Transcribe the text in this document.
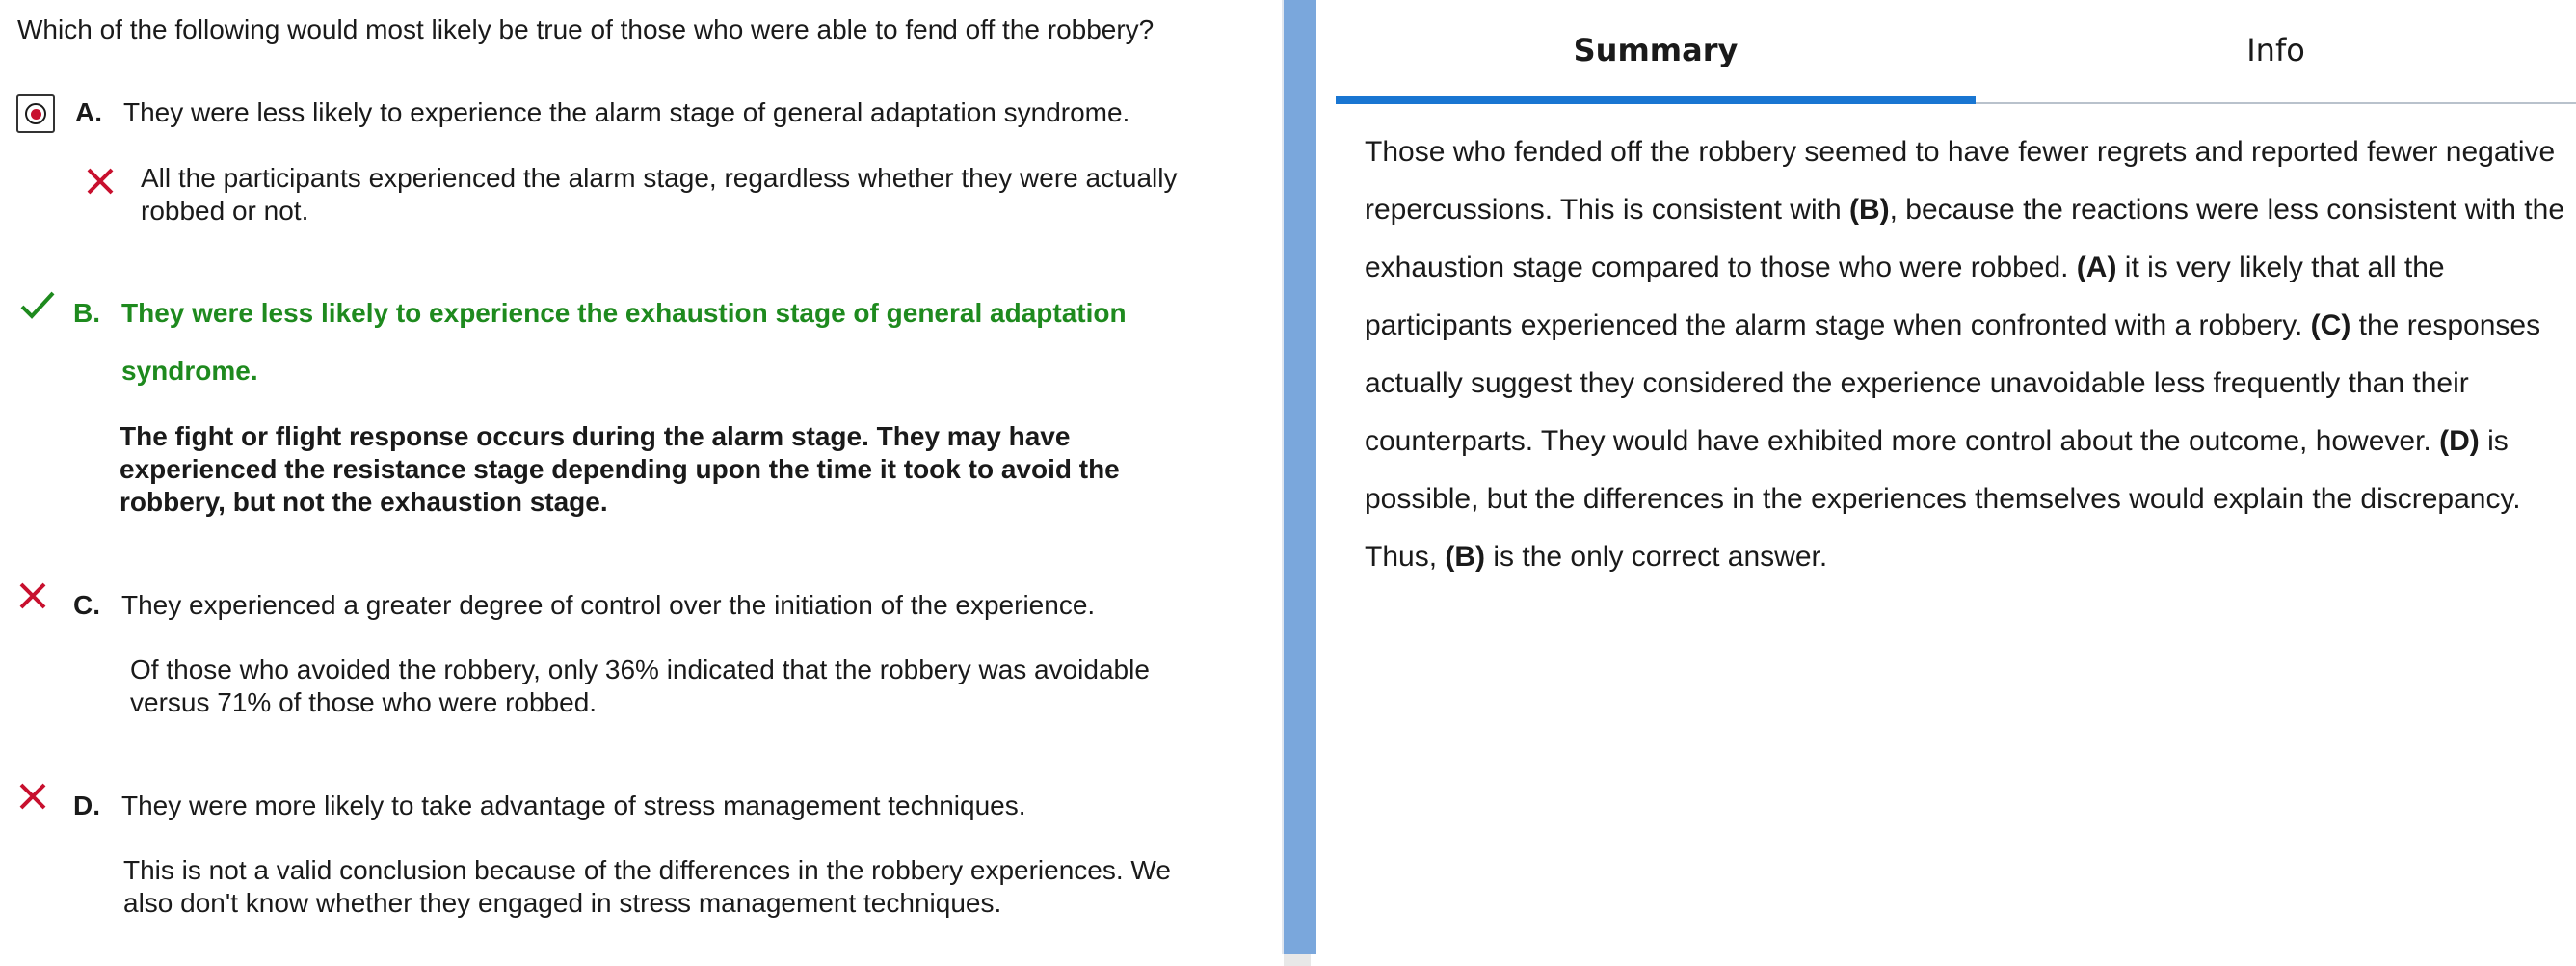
Which of the following would most likely be true of those who were able to fend off the robbery?
A. They were less likely to experience the alarm stage of general adaptation syndrome.
All the participants experienced the alarm stage, regardless whether they were actually
robbed or not.
B. They were less likely to experience the exhaustion stage of general adaptation
syndrome.
The fight or flight response occurs during the alarm stage. They may have
experienced the resistance stage depending upon the time it took to avoid the
robbery, but not the exhaustion stage.
C. They experienced a greater degree of control over the initiation of the experience.
Of those who avoided the robbery, only 36% indicated that the robbery was avoidable
versus 71% of those who were robbed.
D. They were more likely to take advantage of stress management techniques.
This is not a valid conclusion because of the differences in the robbery experiences. We
also don't know whether they engaged in stress management techniques.
Summary	Info
Those who fended off the robbery seemed to have fewer regrets and reported fewer negative repercussions. This is consistent with (B), because the reactions were less consistent with the exhaustion stage compared to those who were robbed. (A) it is very likely that all the participants experienced the alarm stage when confronted with a robbery. (C) the responses actually suggest they considered the experience unavoidable less frequently than their counterparts. They would have exhibited more control about the outcome, however. (D) is possible, but the differences in the experiences themselves would explain the discrepancy. Thus, (B) is the only correct answer.
